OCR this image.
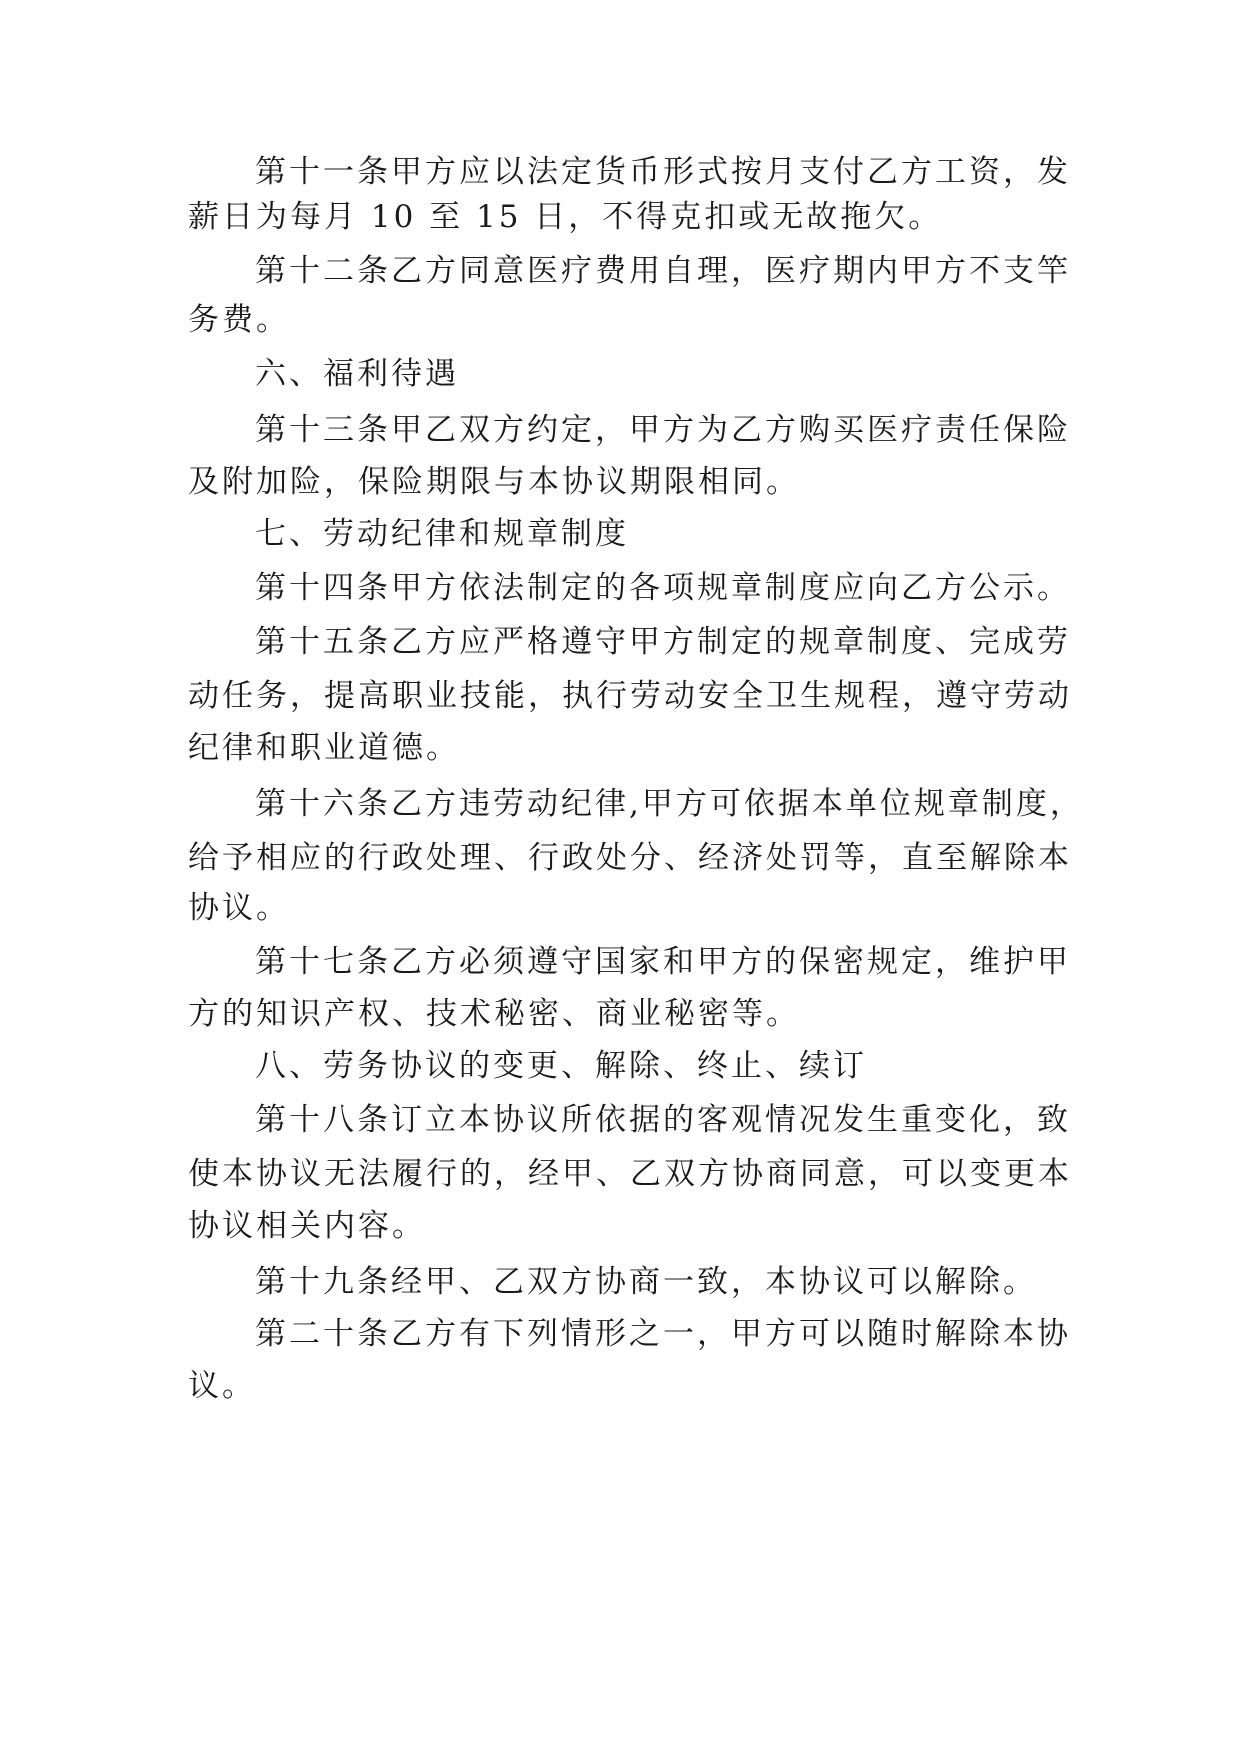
第十一条甲方应以法定货币形式按月支付乙方工资，发

薪日为每月 10 至 15 日，不得克扣或无故拖欠。

第十二条乙方同意医疗费用自理，医疗期内甲方不支竿

务费。

六、福利待遇

第十三条甲乙双方约定，甲方为乙方购买医疗责任保险

及附加险，保险期限与本协议期限相同。

七、劳动纪律和规章制度

第十四条甲方依法制定的各项规章制度应向乙方公示。

第十五条乙方应严格遵守甲方制定的规章制度、完成劳

动任务，提高职业技能，执行劳动安全卫生规程，遵守劳动

纪律和职业道德。

第十六条乙方违劳动纪律,甲方可依据本单位规章制度，

给予相应的行政处理、行政处分、经济处罚等，直至解除本

协议。

第十七条乙方必须遵守国家和甲方的保密规定，维护甲

方的知识产权、技术秘密、商业秘密等。

八、劳务协议的变更、解除、终止、续订

第十八条订立本协议所依据的客观情况发生重变化，致

使本协议无法履行的，经甲、乙双方协商同意，可以变更本

协议相关内容。

第十九条经甲、乙双方协商一致，本协议可以解除。

第二十条乙方有下列情形之一，甲方可以随时解除本协

议。
